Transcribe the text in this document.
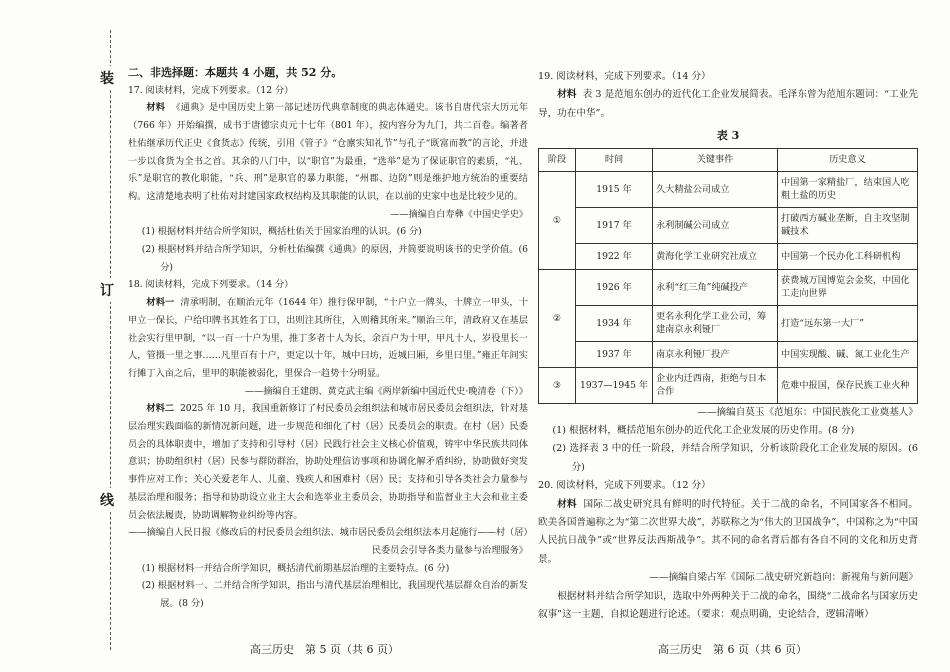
装
订
线

二、非选择题：本题共 4 小题，共 52 分。

17. 阅读材料，完成下列要求。（12 分）

材料 《通典》是中国历史上第一部记述历代典章制度的典志体通史。该书自唐代宗大历元年（766 年）开始编撰，成书于唐德宗贞元十七年（801 年），按内容分为九门，共二百卷。编著者杜佑继承历代正史《食货志》传统，引用《管子》“仓廪实知礼节”与孔子“既富而教”的言论，并进一步以食货为全书之首。其余的八门中，以“职官”为最重，“选举”是为了保证职官的素质，“礼、乐”是职官的教化职能，“兵、刑”是职官的暴力职能，“州郡、边防”则是维护地方统治的重要结构。这清楚地表明了杜佑对封建国家政权结构及其职能的认识，在以前的史家中也是比较少见的。

——摘编自白寿彝《中国史学史》

(1) 根据材料并结合所学知识，概括杜佑关于国家治理的认识。(6 分)

(2) 根据材料并结合所学知识，分析杜佑编撰《通典》的原因，并简要说明该书的史学价值。(6 分)

18. 阅读材料，完成下列要求。（14 分）

材料一 清承明制，在顺治元年（1644 年）推行保甲制，“十户立一牌头，十牌立一甲头，十甲立一保长，户给印牌书其姓名丁口，出则注其所往，入则稽其所来。”顺治三年，清政府又在基层社会实行里甲制，“以一百一十户为里，推丁多者十人为长，余百户为十甲，甲凡十人，岁役里长一人，管摄一里之事……凡里百有十户，更定以十年，城中曰坊，近城曰厢，乡里曰里。”雍正年间实行摊丁入亩之后，里甲的职能被弱化，里保合一趋势十分明显。

——摘编自王建朗、黄克武主编《两岸新编中国近代史·晚清卷（下）》

材料二 2025 年 10 月，我国重新修订了村民委员会组织法和城市居民委员会组织法，针对基层治理实践面临的新情况新问题，进一步规范和细化了村（居）民委员会的职责。在村（居）民委员会的具体职责中，增加了支持和引导村（居）民践行社会主义核心价值观，铸牢中华民族共同体意识；协助组织村（居）民参与群防群治，协助处理信访事项和协调化解矛盾纠纷，协助做好突发事件应对工作；关心关爱老年人、儿童、残疾人和困难村（居）民；支持和引导各类社会力量参与基层治理和服务；指导和协助设立业主大会和选举业主委员会，协助指导和监督业主大会和业主委员会依法履责，协助调解物业纠纷等内容。

——摘编自人民日报《修改后的村民委员会组织法、城市居民委员会组织法本月起施行——村（居）民委员会引导各类力量参与治理服务》

(1) 根据材料一并结合所学知识，概括清代前期基层治理的主要特点。(6 分)

(2) 根据材料一、二并结合所学知识，指出与清代基层治理相比，我国现代基层群众自治的新发展。(8 分)

高三历史　第 5 页（共 6 页）

19. 阅读材料，完成下列要求。（14 分）

材料 表 3 是范旭东创办的近代化工企业发展简表。毛泽东曾为范旭东题词：“工业先导，功在中华”。

表 3
阶段	时间	关键事件	历史意义
①	1915 年	久大精盐公司成立	中国第一家精盐厂，结束国人吃粗土盐的历史
	1917 年	永利制碱公司成立	打破西方碱业垄断，自主攻坚制碱技术
	1922 年	黄海化学工业研究社成立	中国第一个民办化工科研机构
②	1926 年	永利“红三角”纯碱投产	获费城万国博览会金奖，中国化工走向世界
	1934 年	更名永利化学工业公司，筹建南京永利铔厂	打造“远东第一大厂”
	1937 年	南京永利铔厂投产	中国实现酸、碱、氮工业化生产
③	1937—1945 年	企业内迁西南，拒绝与日本合作	危难中报国，保存民族工业火种

——摘编自莫玉《范旭东：中国民族化工业奠基人》

(1) 根据材料，概括范旭东创办的近代化工企业发展的历史作用。(8 分)

(2) 选择表 3 中的任一阶段，并结合所学知识，分析该阶段化工企业发展的原因。(6 分)

20. 阅读材料，完成下列要求。（12 分）

材料 国际二战史研究具有鲜明的时代特征。关于二战的命名，不同国家各不相同。欧美各国普遍称之为“第二次世界大战”，苏联称之为“伟大的卫国战争”，中国称之为“中国人民抗日战争”或“世界反法西斯战争”。其不同的命名背后都有各自不同的文化和历史背景。

——摘编自梁占军《国际二战史研究新趋向：新视角与新问题》

根据材料并结合所学知识，选取中外两种关于二战的命名，围绕“二战命名与国家历史叙事”这一主题，自拟论题进行论述。（要求：观点明确，史论结合，逻辑清晰）

高三历史　第 6 页（共 6 页）
